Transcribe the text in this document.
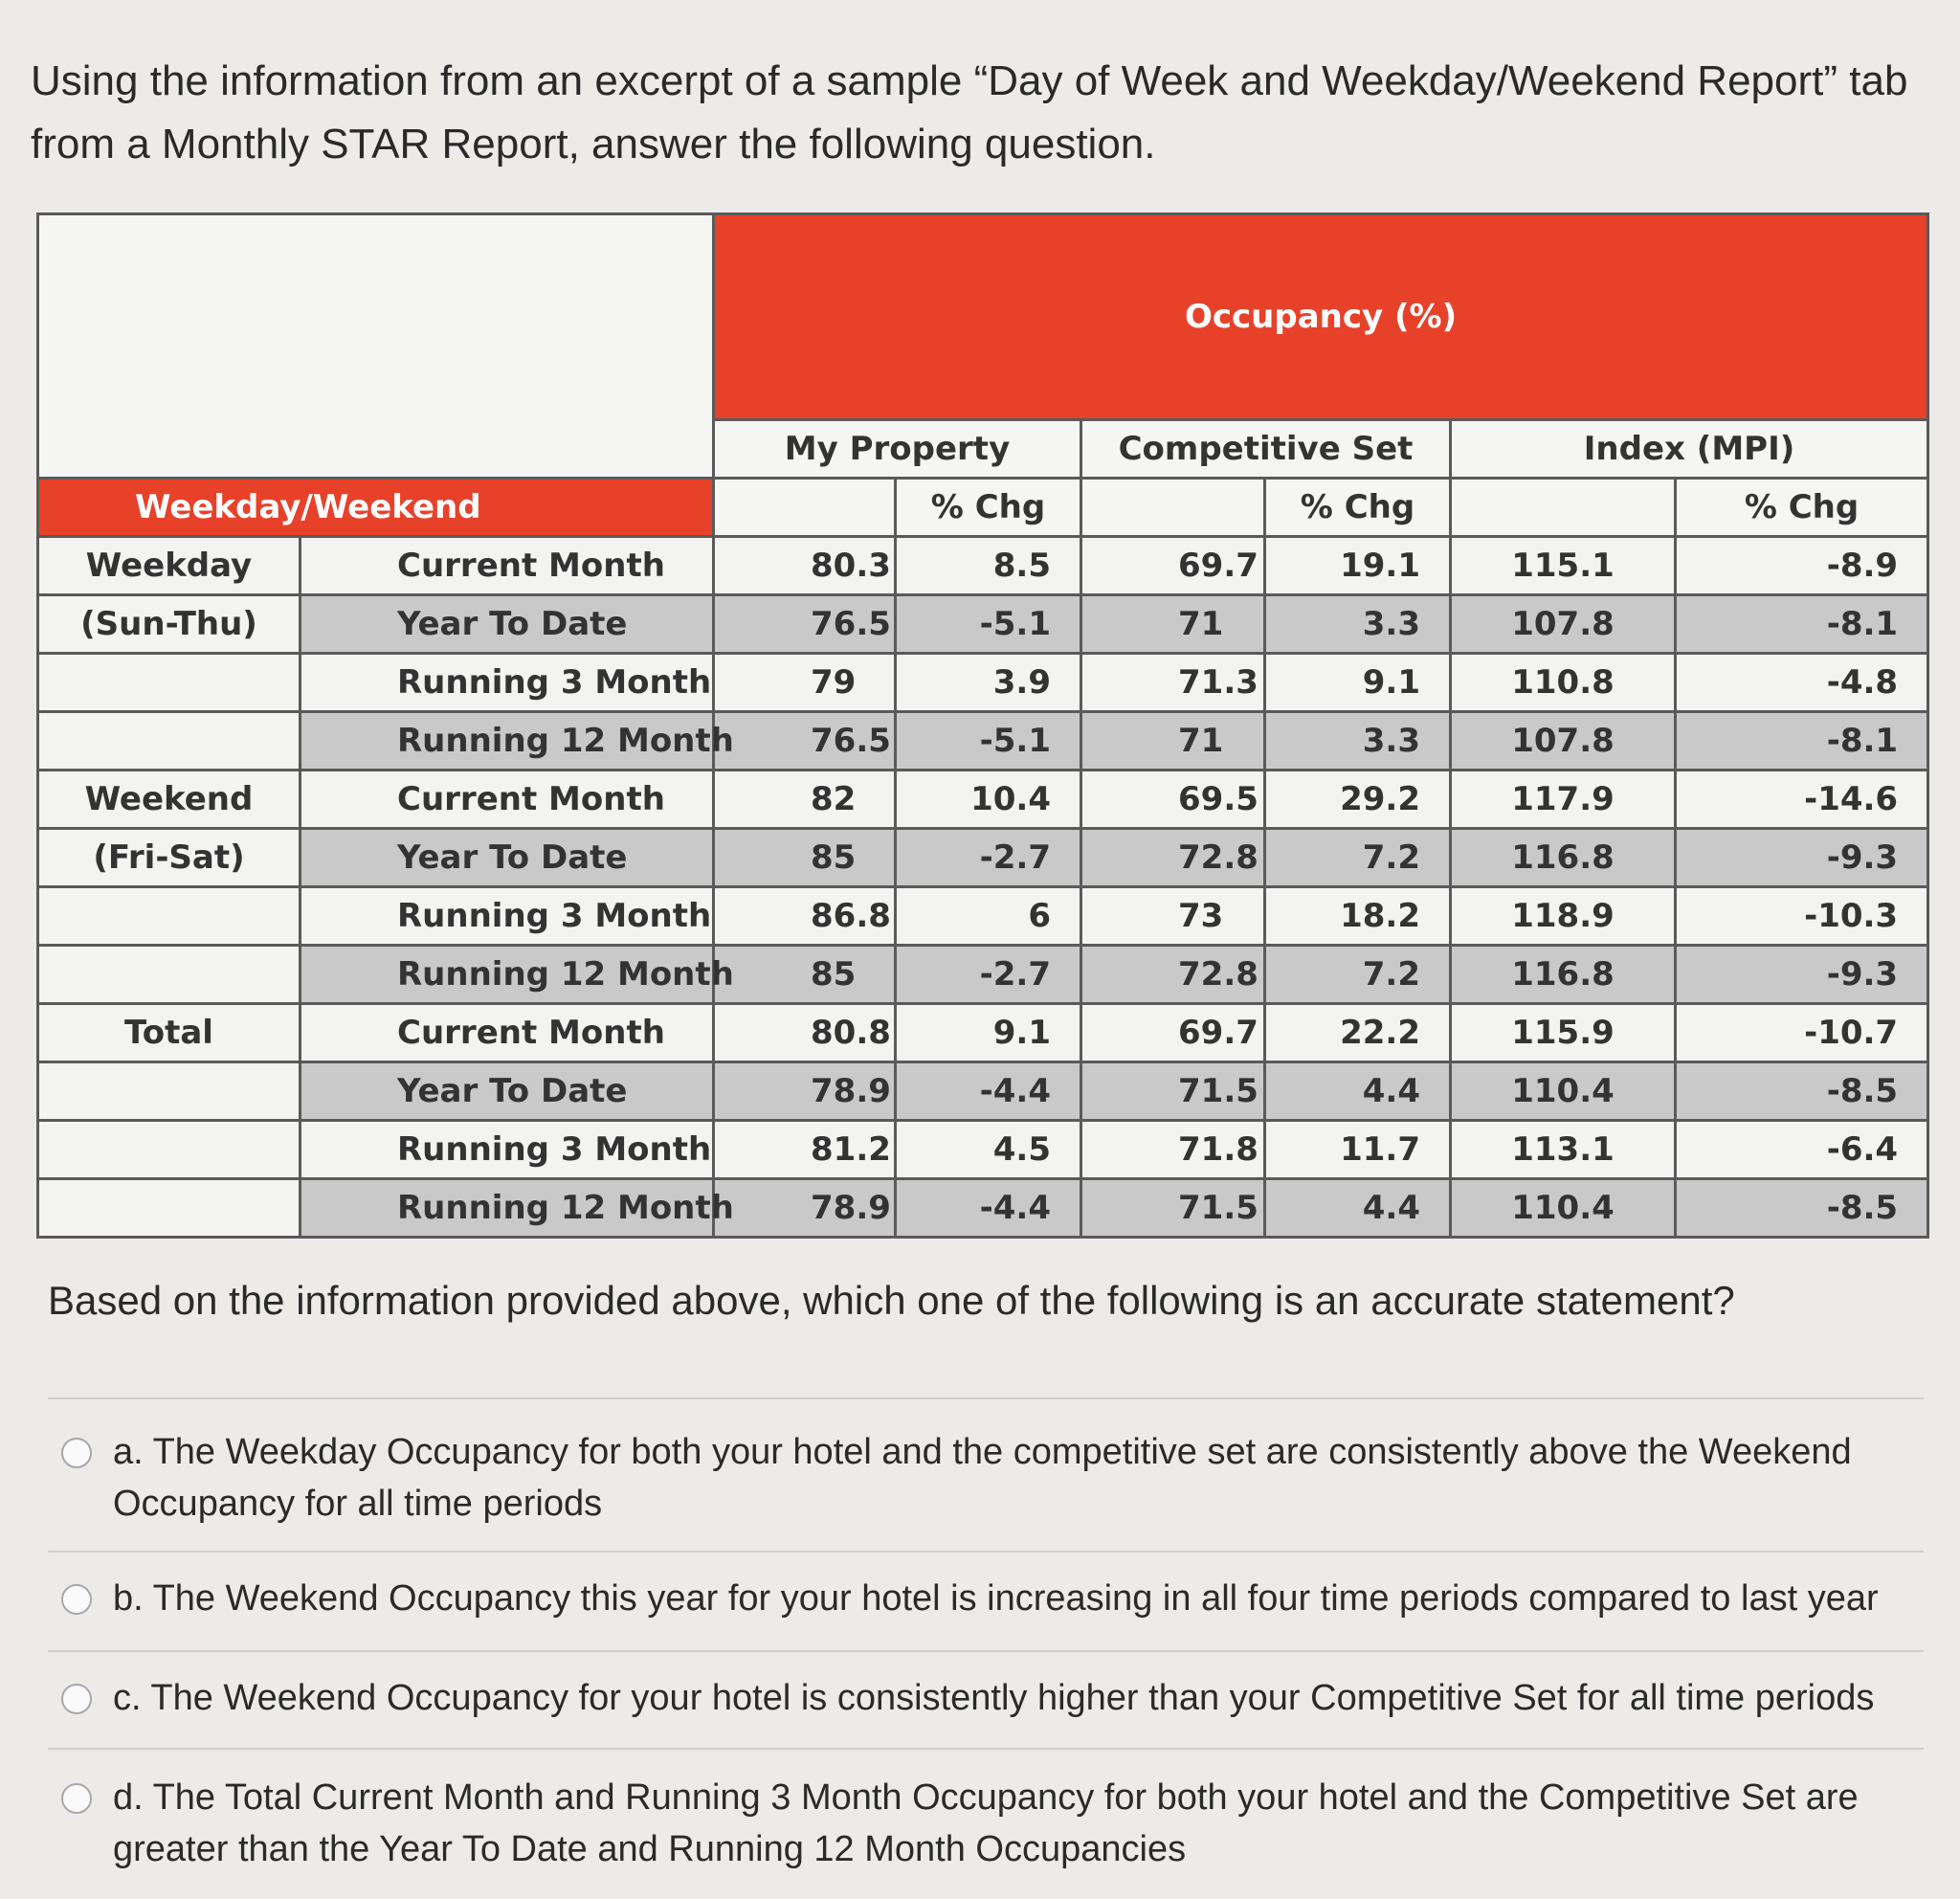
Using the information from an excerpt of a sample “Day of Week and Weekday/Weekend Report” tab from a Monthly STAR Report, answer the following question.

		Occupancy (%)					
		My Property		Competitive Set		Index (MPI)	
Weekday/Weekend			% Chg		% Chg		% Chg
Weekday	Current Month	80.3	8.5	69.7	19.1	115.1	-8.9
(Sun-Thu)	Year To Date	76.5	-5.1	71	3.3	107.8	-8.1
	Running 3 Month	79	3.9	71.3	9.1	110.8	-4.8
	Running 12 Month	76.5	-5.1	71	3.3	107.8	-8.1
Weekend	Current Month	82	10.4	69.5	29.2	117.9	-14.6
(Fri-Sat)	Year To Date	85	-2.7	72.8	7.2	116.8	-9.3
	Running 3 Month	86.8	6	73	18.2	118.9	-10.3
	Running 12 Month	85	-2.7	72.8	7.2	116.8	-9.3
Total	Current Month	80.8	9.1	69.7	22.2	115.9	-10.7
	Year To Date	78.9	-4.4	71.5	4.4	110.4	-8.5
	Running 3 Month	81.2	4.5	71.8	11.7	113.1	-6.4
	Running 12 Month	78.9	-4.4	71.5	4.4	110.4	-8.5

Based on the information provided above, which one of the following is an accurate statement?

a. The Weekday Occupancy for both your hotel and the competitive set are consistently above the Weekend Occupancy for all time periods
b. The Weekend Occupancy this year for your hotel is increasing in all four time periods compared to last year
c. The Weekend Occupancy for your hotel is consistently higher than your Competitive Set for all time periods
d. The Total Current Month and Running 3 Month Occupancy for both your hotel and the Competitive Set are greater than the Year To Date and Running 12 Month Occupancies
